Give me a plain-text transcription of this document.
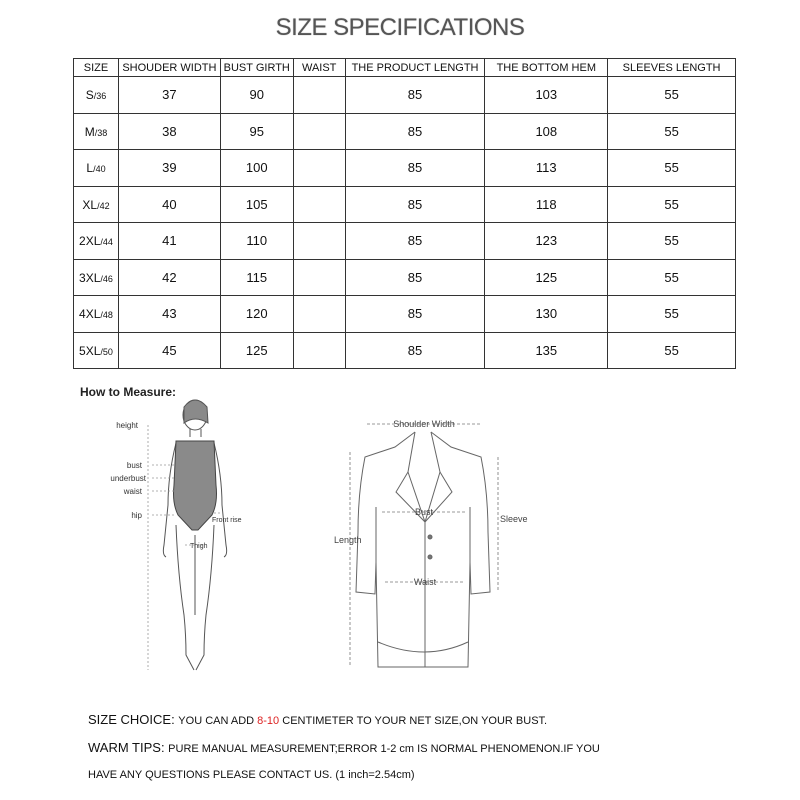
SIZE SPECIFICATIONS
SIZE	SHOUDER WIDTH	BUST GIRTH	WAIST	THE PRODUCT LENGTH	THE BOTTOM HEM	SLEEVES LENGTH
S/36	37	90		85	103	55
M/38	38	95		85	108	55
L/40	39	100		85	113	55
XL/42	40	105		85	118	55
2XL/44	41	110		85	123	55
3XL/46	42	115		85	125	55
4XL/48	43	120		85	130	55
5XL/50	45	125		85	135	55
How to Measure:
height
bust
underbust
waist
hip
Front rise
Thigh
Shoulder Width
Bust
Sleeve
Length
Waist
SIZE CHOICE: YOU CAN ADD 8-10 CENTIMETER TO YOUR NET SIZE,ON YOUR BUST.
WARM TIPS: PURE MANUAL MEASUREMENT;ERROR 1-2 cm IS NORMAL PHENOMENON.IF YOU
HAVE ANY QUESTIONS PLEASE CONTACT US. (1 inch=2.54cm)
